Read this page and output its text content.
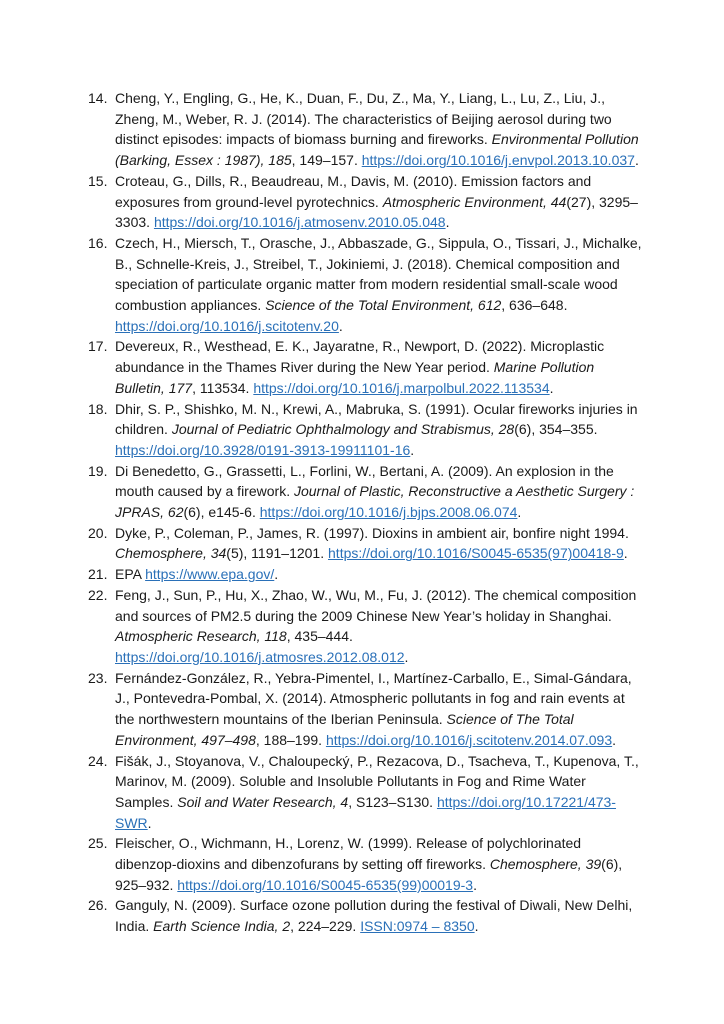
14. Cheng, Y., Engling, G., He, K., Duan, F., Du, Z., Ma, Y., Liang, L., Lu, Z., Liu, J., Zheng, M., Weber, R. J. (2014). The characteristics of Beijing aerosol during two distinct episodes: impacts of biomass burning and fireworks. Environmental Pollution (Barking, Essex : 1987), 185, 149–157. https://doi.org/10.1016/j.envpol.2013.10.037.
15. Croteau, G., Dills, R., Beaudreau, M., Davis, M. (2010). Emission factors and exposures from ground-level pyrotechnics. Atmospheric Environment, 44(27), 3295–3303. https://doi.org/10.1016/j.atmosenv.2010.05.048.
16. Czech, H., Miersch, T., Orasche, J., Abbaszade, G., Sippula, O., Tissari, J., Michalke, B., Schnelle-Kreis, J., Streibel, T., Jokiniemi, J. (2018). Chemical composition and speciation of particulate organic matter from modern residential small-scale wood combustion appliances. Science of the Total Environment, 612, 636–648. https://doi.org/10.1016/j.scitotenv.20.
17. Devereux, R., Westhead, E. K., Jayaratne, R., Newport, D. (2022). Microplastic abundance in the Thames River during the New Year period. Marine Pollution Bulletin, 177, 113534. https://doi.org/10.1016/j.marpolbul.2022.113534.
18. Dhir, S. P., Shishko, M. N., Krewi, A., Mabruka, S. (1991). Ocular fireworks injuries in children. Journal of Pediatric Ophthalmology and Strabismus, 28(6), 354–355. https://doi.org/10.3928/0191-3913-19911101-16.
19. Di Benedetto, G., Grassetti, L., Forlini, W., Bertani, A. (2009). An explosion in the mouth caused by a firework. Journal of Plastic, Reconstructive a Aesthetic Surgery : JPRAS, 62(6), e145-6. https://doi.org/10.1016/j.bjps.2008.06.074.
20. Dyke, P., Coleman, P., James, R. (1997). Dioxins in ambient air, bonfire night 1994. Chemosphere, 34(5), 1191–1201. https://doi.org/10.1016/S0045-6535(97)00418-9.
21. EPA https://www.epa.gov/.
22. Feng, J., Sun, P., Hu, X., Zhao, W., Wu, M., Fu, J. (2012). The chemical composition and sources of PM2.5 during the 2009 Chinese New Year’s holiday in Shanghai. Atmospheric Research, 118, 435–444. https://doi.org/10.1016/j.atmosres.2012.08.012.
23. Fernández-González, R., Yebra-Pimentel, I., Martínez-Carballo, E., Simal-Gándara, J., Pontevedra-Pombal, X. (2014). Atmospheric pollutants in fog and rain events at the northwestern mountains of the Iberian Peninsula. Science of The Total Environment, 497–498, 188–199. https://doi.org/10.1016/j.scitotenv.2014.07.093.
24. Fišák, J., Stoyanova, V., Chaloupecký, P., Rezacova, D., Tsacheva, T., Kupenova, T., Marinov, M. (2009). Soluble and Insoluble Pollutants in Fog and Rime Water Samples. Soil and Water Research, 4, S123–S130. https://doi.org/10.17221/473-SWR.
25. Fleischer, O., Wichmann, H., Lorenz, W. (1999). Release of polychlorinated dibenzop-dioxins and dibenzofurans by setting off fireworks. Chemosphere, 39(6), 925–932. https://doi.org/10.1016/S0045-6535(99)00019-3.
26. Ganguly, N. (2009). Surface ozone pollution during the festival of Diwali, New Delhi, India. Earth Science India, 2, 224–229. ISSN:0974 – 8350.
